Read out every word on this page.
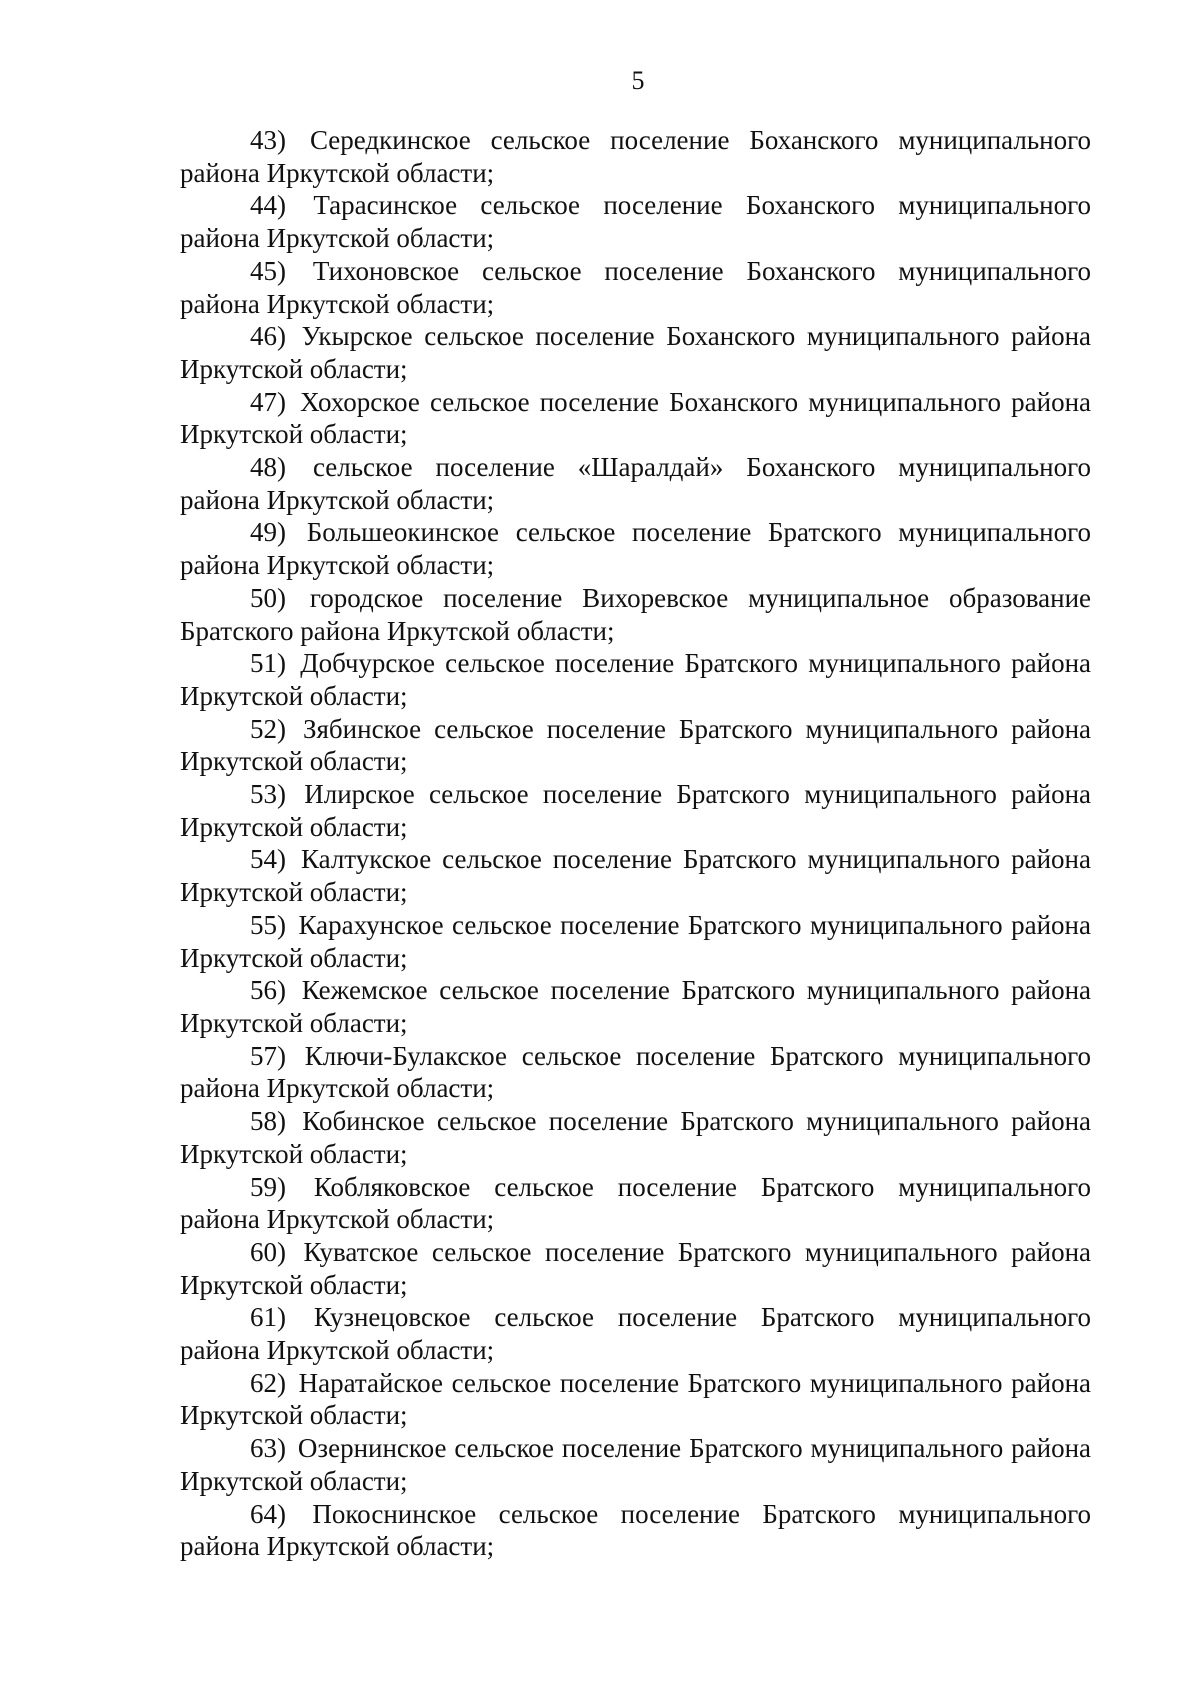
5

43) Середкинское сельское поселение Боханского муниципального района Иркутской области;

44) Тарасинское сельское поселение Боханского муниципального района Иркутской области;

45) Тихоновское сельское поселение Боханского муниципального района Иркутской области;

46) Укырское сельское поселение Боханского муниципального района Иркутской области;

47) Хохорское сельское поселение Боханского муниципального района Иркутской области;

48) сельское поселение «Шаралдай» Боханского муниципального района Иркутской области;

49) Большеокинское сельское поселение Братского муниципального района Иркутской области;

50) городское поселение Вихоревское муниципальное образование Братского района Иркутской области;

51) Добчурское сельское поселение Братского муниципального района Иркутской области;

52) Зябинское сельское поселение Братского муниципального района Иркутской области;

53) Илирское сельское поселение Братского муниципального района Иркутской области;

54) Калтукское сельское поселение Братского муниципального района Иркутской области;

55) Карахунское сельское поселение Братского муниципального района Иркутской области;

56) Кежемское сельское поселение Братского муниципального района Иркутской области;

57) Ключи-Булакское сельское поселение Братского муниципального района Иркутской области;

58) Кобинское сельское поселение Братского муниципального района Иркутской области;

59) Кобляковское сельское поселение Братского муниципального района Иркутской области;

60) Куватское сельское поселение Братского муниципального района Иркутской области;

61) Кузнецовское сельское поселение Братского муниципального района Иркутской области;

62) Наратайское сельское поселение Братского муниципального района Иркутской области;

63) Озернинское сельское поселение Братского муниципального района Иркутской области;

64) Покоснинское сельское поселение Братского муниципального района Иркутской области;
